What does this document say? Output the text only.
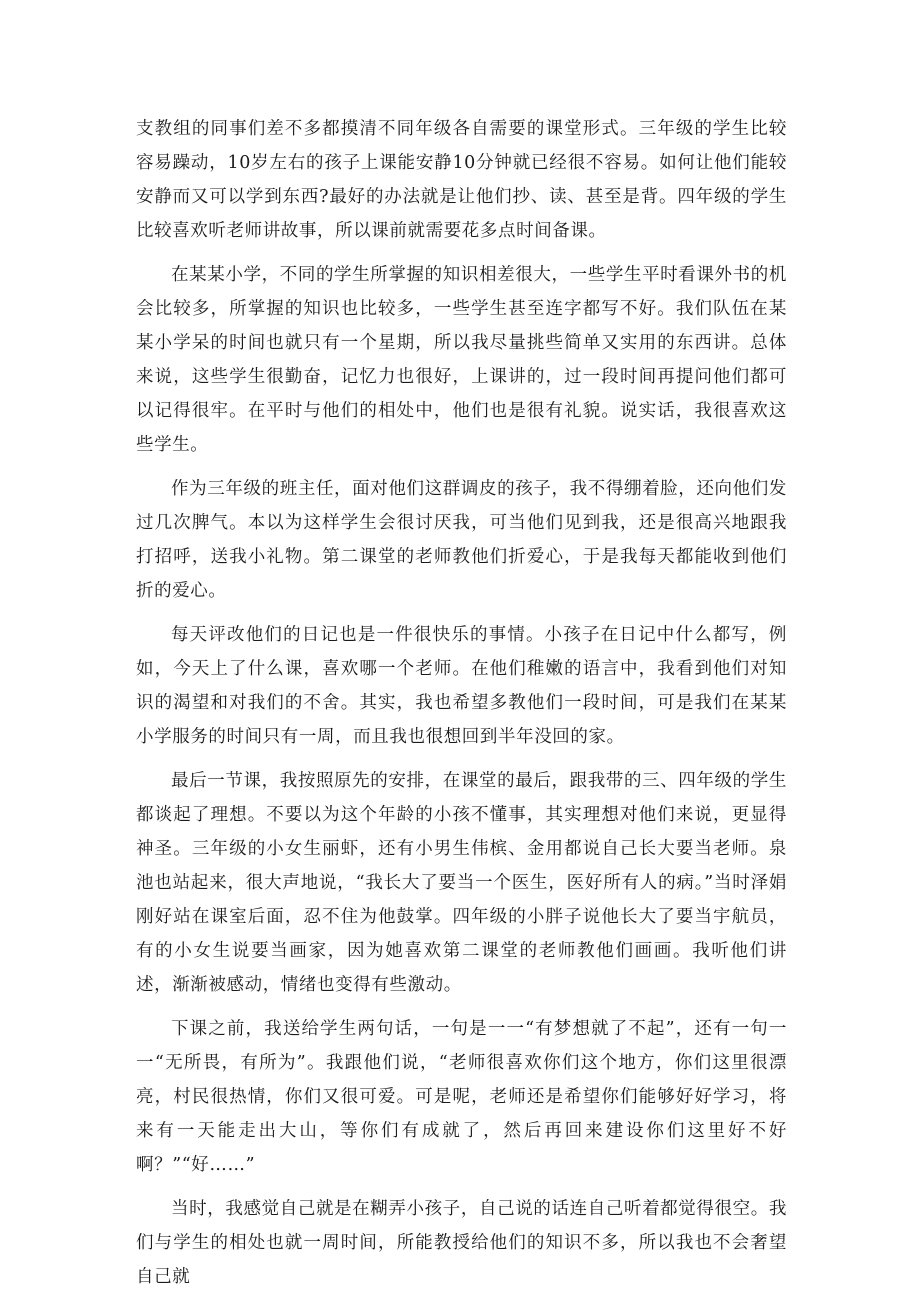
支教组的同事们差不多都摸清不同年级各自需要的课堂形式。三年级的学生比较容易躁动，10岁左右的孩子上课能安静10分钟就已经很不容易。如何让他们能较安静而又可以学到东西?最好的办法就是让他们抄、读、甚至是背。四年级的学生比较喜欢听老师讲故事，所以课前就需要花多点时间备课。

在某某小学，不同的学生所掌握的知识相差很大，一些学生平时看课外书的机会比较多，所掌握的知识也比较多，一些学生甚至连字都写不好。我们队伍在某某小学呆的时间也就只有一个星期，所以我尽量挑些简单又实用的东西讲。总体来说，这些学生很勤奋，记忆力也很好，上课讲的，过一段时间再提问他们都可以记得很牢。在平时与他们的相处中，他们也是很有礼貌。说实话，我很喜欢这些学生。

作为三年级的班主任，面对他们这群调皮的孩子，我不得绷着脸，还向他们发过几次脾气。本以为这样学生会很讨厌我，可当他们见到我，还是很高兴地跟我打招呼，送我小礼物。第二课堂的老师教他们折爱心，于是我每天都能收到他们折的爱心。

每天评改他们的日记也是一件很快乐的事情。小孩子在日记中什么都写，例如，今天上了什么课，喜欢哪一个老师。在他们稚嫩的语言中，我看到他们对知识的渴望和对我们的不舍。其实，我也希望多教他们一段时间，可是我们在某某小学服务的时间只有一周，而且我也很想回到半年没回的家。

最后一节课，我按照原先的安排，在课堂的最后，跟我带的三、四年级的学生都谈起了理想。不要以为这个年龄的小孩不懂事，其实理想对他们来说，更显得神圣。三年级的小女生丽虾，还有小男生伟槟、金用都说自己长大要当老师。泉池也站起来，很大声地说，“我长大了要当一个医生，医好所有人的病。”当时泽娟刚好站在课室后面，忍不住为他鼓掌。四年级的小胖子说他长大了要当宇航员，有的小女生说要当画家，因为她喜欢第二课堂的老师教他们画画。我听他们讲述，渐渐被感动，情绪也变得有些激动。

下课之前，我送给学生两句话，一句是一一“有梦想就了不起”，还有一句一一“无所畏，有所为”。我跟他们说，“老师很喜欢你们这个地方，你们这里很漂亮，村民很热情，你们又很可爱。可是呢，老师还是希望你们能够好好学习，将来有一天能走出大山，等你们有成就了，然后再回来建设你们这里好不好啊？”“好……”

当时，我感觉自己就是在糊弄小孩子，自己说的话连自己听着都觉得很空。我们与学生的相处也就一周时间，所能教授给他们的知识不多，所以我也不会奢望自己就
